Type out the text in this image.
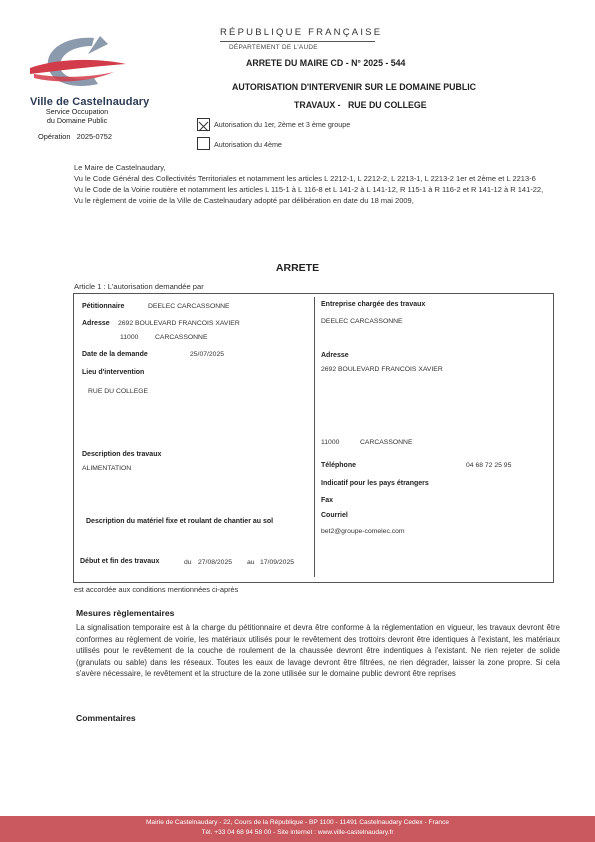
Ville de Castelnaudary
Service Occupation
du Domaine Public
Opération 2025-0752
RÉPUBLIQUE FRANÇAISE
DÉPARTEMENT DE L'AUDE
ARRETE DU MAIRE CD - N° 2025 - 544
AUTORISATION D'INTERVENIR SUR LE DOMAINE PUBLIC
TRAVAUX - RUE DU COLLEGE
Autorisation du 1er, 2ème et 3 ème groupe
Autorisation du 4ème

Le Maire de Castelnaudary,

Vu le Code Général des Collectivités Territoriales et notamment les articles L 2212-1, L 2212-2, L 2213-1, L 2213-2 1er et 2ème et L 2213-6

Vu le Code de la Voirie routière et notamment les articles L 115-1 à L 116-8 et L 141-2 à L 141-12, R 115-1 à R 116-2 et R 141-12 à R 141-22,

Vu le règlement de voirie de la Ville de Castelnaudary adopté par délibération en date du 18 mai 2009,

ARRETE
Article 1 : L'autorisation demandée par
Pétitionnaire	DEELEC CARCASSONNE
Adresse 2692 BOULEVARD FRANCOIS XAVIER
11000 CARCASSONNE
Date de la demande	25/07/2025
Lieu d'intervention
RUE DU COLLEGE
Description des travaux
ALIMENTATION
Description du matériel fixe et roulant de chantier au sol
Début et fin des travaux	du 27/08/2025 au 17/09/2025
Entreprise chargée des travaux
DEELEC CARCASSONNE
Adresse
2692 BOULEVARD FRANCOIS XAVIER
11000	CARCASSONNE
Téléphone	04 68 72 25 95
Indicatif pour les pays étrangers
Fax
Courriel
bet2@groupe-comelec.com
est accordée aux conditions mentionnées ci-après
Mesures règlementaires
La signalisation temporaire est à la charge du pétitionnaire et devra être conforme à la réglementation en vigueur, les travaux devront être conformes au règlement de voirie, les matériaux utilisés pour le revêtement des trottoirs devront être identiques à l'existant, les matériaux utilisés pour le revêtement de la couche de roulement de la chaussée devront être indentiques à l'existant. Ne rien rejeter de solide (granulats ou sable) dans les réseaux. Toutes les eaux de lavage devront être filtrées, ne rien dégrader, laisser la zone propre. Si cela s'avère nécessaire, le revêtement et la structure de la zone utilisée sur le domaine public devront être reprises
Commentaires
Mairie de Castelnaudary - 22, Cours de la République - BP 1100 - 11491 Castelnaudary Cedex - France
Tél. +33 04 68 94 58 00 - Site internet : www.ville-castelnaudary.fr
